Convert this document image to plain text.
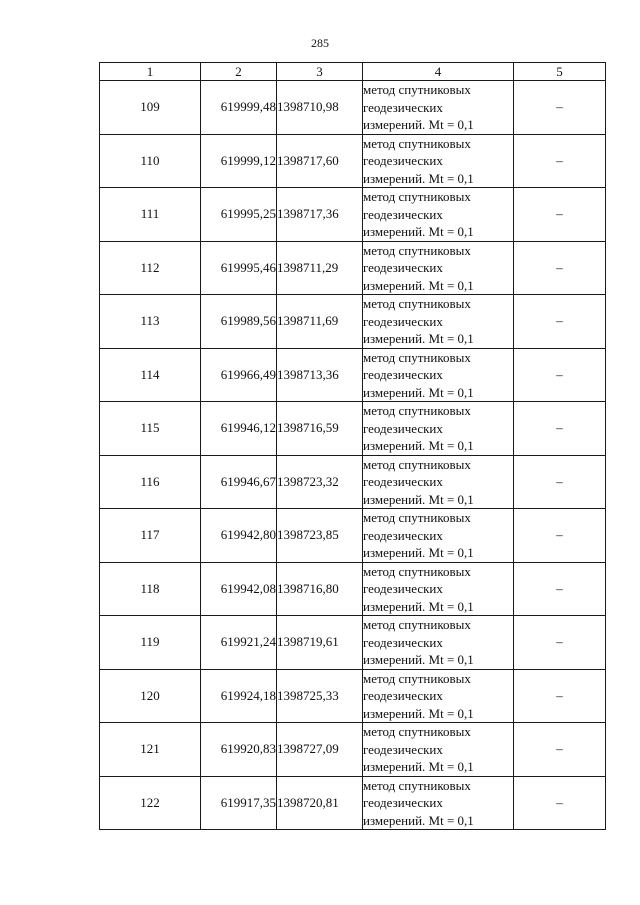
285
1	2	3	4	5
109	619999,48	1398710,98	метод спутниковых
геодезических
измерений. Mt = 0,1	–
110	619999,12	1398717,60	метод спутниковых
геодезических
измерений. Mt = 0,1	–
111	619995,25	1398717,36	метод спутниковых
геодезических
измерений. Mt = 0,1	–
112	619995,46	1398711,29	метод спутниковых
геодезических
измерений. Mt = 0,1	–
113	619989,56	1398711,69	метод спутниковых
геодезических
измерений. Mt = 0,1	–
114	619966,49	1398713,36	метод спутниковых
геодезических
измерений. Mt = 0,1	–
115	619946,12	1398716,59	метод спутниковых
геодезических
измерений. Mt = 0,1	–
116	619946,67	1398723,32	метод спутниковых
геодезических
измерений. Mt = 0,1	–
117	619942,80	1398723,85	метод спутниковых
геодезических
измерений. Mt = 0,1	–
118	619942,08	1398716,80	метод спутниковых
геодезических
измерений. Mt = 0,1	–
119	619921,24	1398719,61	метод спутниковых
геодезических
измерений. Mt = 0,1	–
120	619924,18	1398725,33	метод спутниковых
геодезических
измерений. Mt = 0,1	–
121	619920,83	1398727,09	метод спутниковых
геодезических
измерений. Mt = 0,1	–
122	619917,35	1398720,81	метод спутниковых
геодезических
измерений. Mt = 0,1	–
